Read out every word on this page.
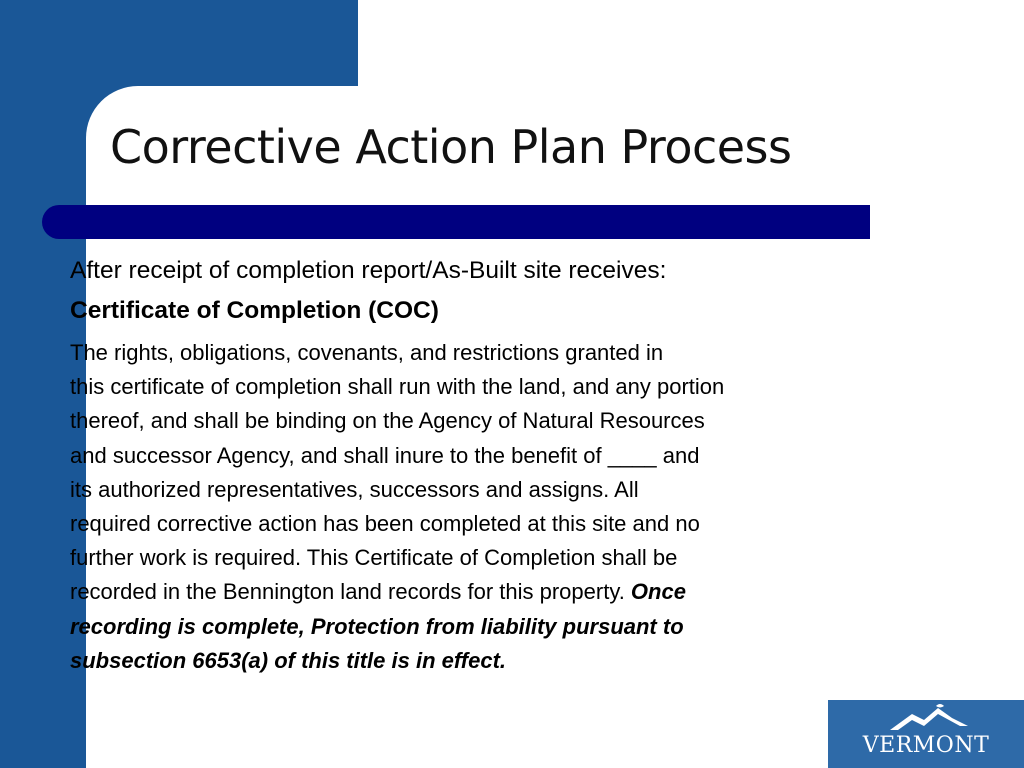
Corrective Action Plan Process

After receipt of completion report/As-Built site receives:

Certificate of Completion (COC)

The rights, obligations, covenants, and restrictions granted in
this certificate of completion shall run with the land, and any portion
thereof, and shall be binding on the Agency of Natural Resources
and successor Agency, and shall inure to the benefit of ____ and
its authorized representatives, successors and assigns. All
required corrective action has been completed at this site and no
further work is required. This Certificate of Completion shall be
recorded in the Bennington land records for this property. Once
recording is complete, Protection from liability pursuant to
subsection 6653(a) of this title is in effect.

VERMONT
